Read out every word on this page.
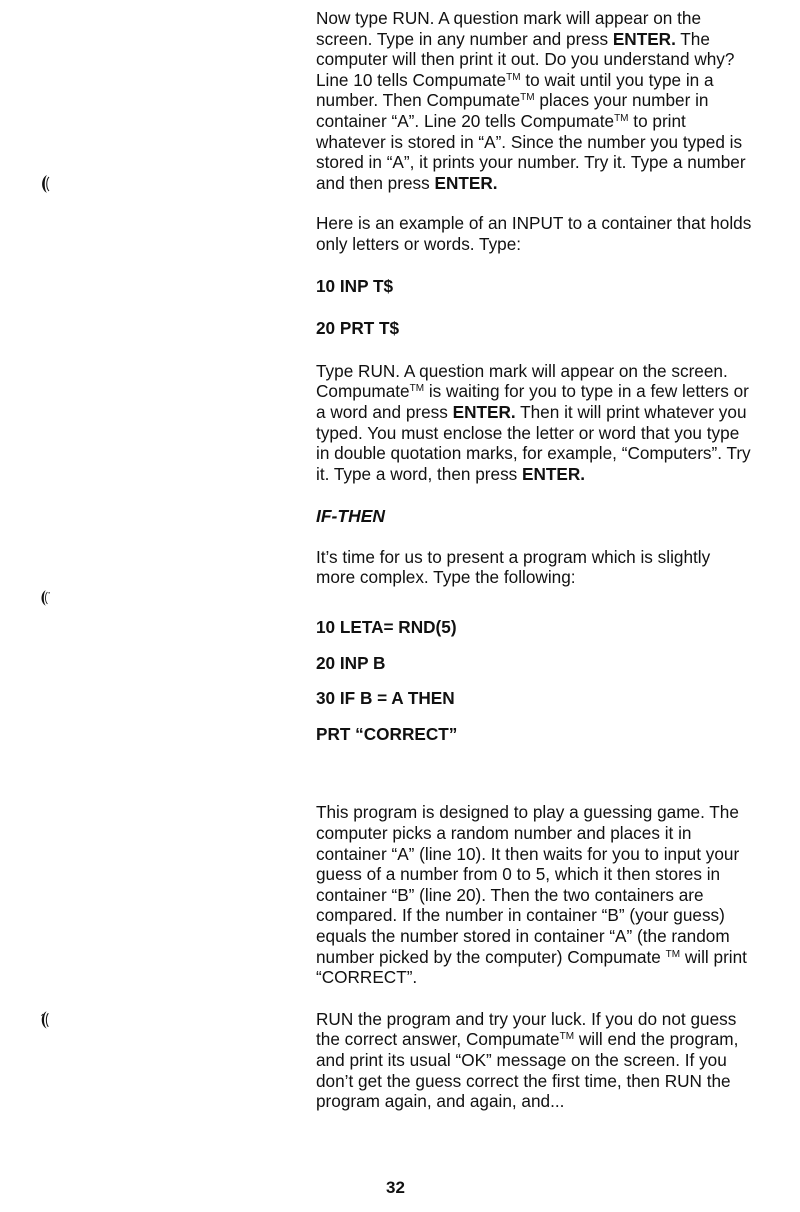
Now type RUN. A question mark will appear on the screen. Type in any number and press ENTER. The computer will then print it out. Do you understand why? Line 10 tells Compumate™ to wait until you type in a number. Then Compumate™ places your number in container “A”. Line 20 tells Compumate™ to print whatever is stored in “A”. Since the number you typed is stored in “A”, it prints your number. Try it. Type a number and then press ENTER.

Here is an example of an INPUT to a container that holds only letters or words. Type:

10 INP T$

20 PRT T$

Type RUN. A question mark will appear on the screen. Compumate™ is waiting for you to type in a few letters or a word and press ENTER. Then it will print whatever you typed. You must enclose the letter or word that you type in double quotation marks, for example, “Computers”. Try it. Type a word, then press ENTER.

IF-THEN

It’s time for us to present a program which is slightly more complex. Type the following:

10 LETA= RND(5)

20 INP B

30 IF B = A THEN

PRT “CORRECT”

This program is designed to play a guessing game. The computer picks a random number and places it in container “A” (line 10). It then waits for you to input your guess of a number from 0 to 5, which it then stores in container “B” (line 20). Then the two containers are compared. If the number in container “B” (your guess) equals the number stored in container “A” (the random number picked by the computer) Compumate ™ will print “CORRECT”.

RUN the program and try your luck. If you do not guess the correct answer, Compumate™ will end the program, and print its usual “OK” message on the screen. If you don’t get the guess correct the first time, then RUN the program again, and again, and...

32
